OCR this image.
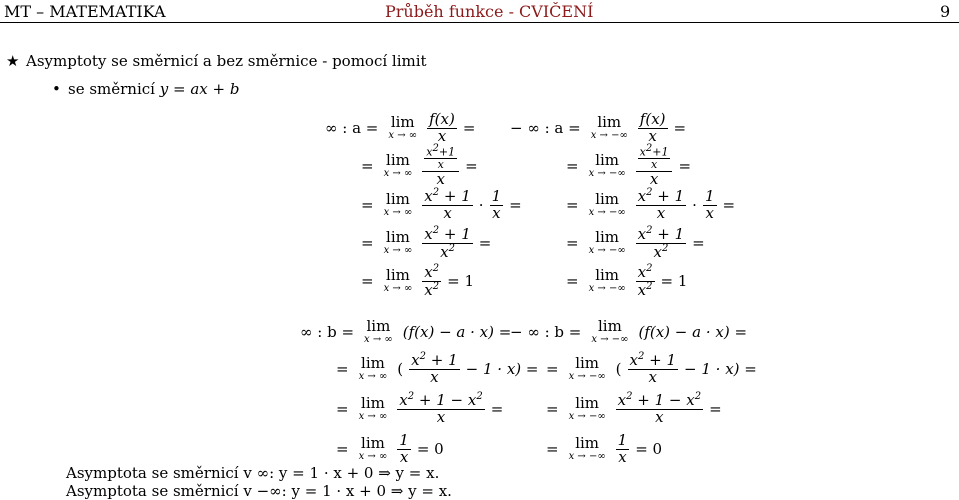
MT – MATEMATIKA	Průběh funkce - CVIČENÍ	9
★ Asymptoty se směrnicí a bez směrnice - pomocí limit
• se směrnicí y = ax + b
∞ : a = lim
x → ∞ $\frac{f(x)}{x}$ =
= lim
x → ∞ $\frac{\frac{x2+1}{x}}{x}$ =
= lim
x → ∞ $\frac{x^2 + 1}{x} \cdot \frac{1}{x}$ =
= lim
x → ∞ $\frac{x^2 + 1}{x^2}$ =
= lim
x → ∞ $\frac{x^2}{x^2} = 1$
− ∞ : a =	lim
x → −∞ $\frac{f(x)}{x}$ =
=	lim
x → −∞ $\frac{\frac{x2+1}{x}}{x}$ =
=	lim
x → −∞ $\frac{x^2 + 1}{x} \cdot \frac{1}{x}$ =
=	lim
x → −∞ $\frac{x^2 + 1}{x^2}$ =
=	lim
x → −∞ $\frac{x^2}{x^2} = 1$
∞ : b = lim
x → ∞ (f(x) − a · x) =
= lim
x → ∞ ( $\frac{x^2 + 1}{x} - 1 \cdot x$) =
= lim
x → ∞ $\frac{x^2 + 1 - x^2}{x}$ =
= lim
x → ∞ $\frac{1}{x} = 0$
− ∞ : b =	lim
x → −∞ (f(x) − a · x) =
=	lim
x → −∞ ( $\frac{x^2 + 1}{x} - 1 \cdot x$) =
=	lim
x → −∞ $\frac{x^2 + 1 - x^2}{x}$ =
=	lim
x → −∞ $\frac{1}{x} = 0$
Asymptota se směrnicí v ∞: y = 1 · x + 0 ⇒ y = x.
Asymptota se směrnicí v −∞: y = 1 · x + 0 ⇒ y = x.
